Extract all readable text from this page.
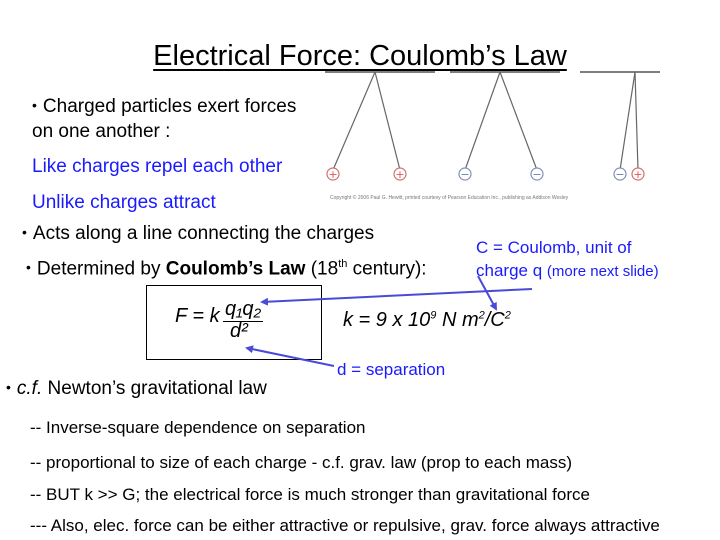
Electrical Force: Coulomb’s Law
• Charged particles exert forces
on one another :
Like charges repel each other
Unlike charges attract
• Acts along a line connecting the charges
• Determined by Coulomb’s Law (18th century):
C = Coulomb, unit of
charge q (more next slide)
F = k q₁q₂
d²	k = 9 x $10^9$ N $m^2/C^2$
d = separation
• c.f. Newton’s gravitational law
-- Inverse-square dependence on separation
-- proportional to size of each charge - c.f. grav. law (prop to each mass)
-- BUT k >> G; the electrical force is much stronger than gravitational force
--- Also, elec. force can be either attractive or repulsive, grav. force always attractive
+	+	−	−	− +
Copyright © 2006 Paul G. Hewitt, printed courtesy of Pearson Education Inc., publishing as Addison Wesley
